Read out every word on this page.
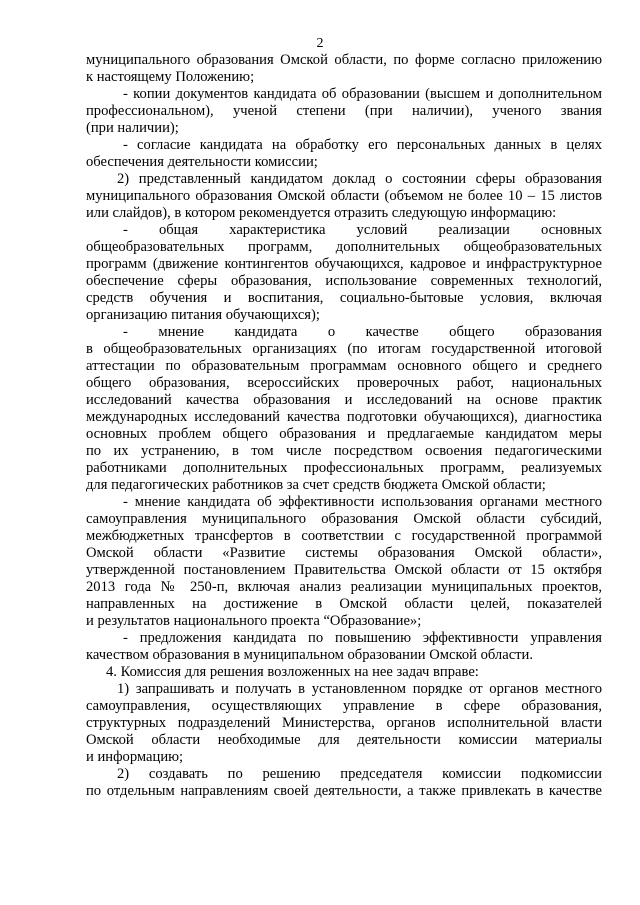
2
муниципального образования Омской области, по форме согласно приложению
к настоящему Положению;
- копии документов кандидата об образовании (высшем и дополнительном
профессиональном), ученой степени (при наличии), ученого звания
(при наличии);
- согласие кандидата на обработку его персональных данных в целях
обеспечения деятельности комиссии;
2) представленный кандидатом доклад о состоянии сферы образования
муниципального образования Омской области (объемом не более 10 – 15 листов
или слайдов), в котором рекомендуется отразить следующую информацию:
- общая характеристика условий реализации основных
общеобразовательных программ, дополнительных общеобразовательных
программ (движение контингентов обучающихся, кадровое и инфраструктурное
обеспечение сферы образования, использование современных технологий,
средств обучения и воспитания, социально-бытовые условия, включая
организацию питания обучающихся);
- мнение кандидата о качестве общего образования
в общеобразовательных организациях (по итогам государственной итоговой
аттестации по образовательным программам основного общего и среднего
общего образования, всероссийских проверочных работ, национальных
исследований качества образования и исследований на основе практик
международных исследований качества подготовки обучающихся), диагностика
основных проблем общего образования и предлагаемые кандидатом меры
по их устранению, в том числе посредством освоения педагогическими
работниками дополнительных профессиональных программ, реализуемых
для педагогических работников за счет средств бюджета Омской области;
- мнение кандидата об эффективности использования органами местного
самоуправления муниципального образования Омской области субсидий,
межбюджетных трансфертов в соответствии с государственной программой
Омской области «Развитие системы образования Омской области»,
утвержденной постановлением Правительства Омской области от 15 октября
2013 года № 250-п, включая анализ реализации муниципальных проектов,
направленных на достижение в Омской области целей, показателей
и результатов национального проекта “Образование»;
- предложения кандидата по повышению эффективности управления
качеством образования в муниципальном образовании Омской области.
4. Комиссия для решения возложенных на нее задач вправе:
1) запрашивать и получать в установленном порядке от органов местного
самоуправления, осуществляющих управление в сфере образования,
структурных подразделений Министерства, органов исполнительной власти
Омской области необходимые для деятельности комиссии материалы
и информацию;
2) создавать по решению председателя комиссии подкомиссии
по отдельным направлениям своей деятельности, а также привлекать в качестве
